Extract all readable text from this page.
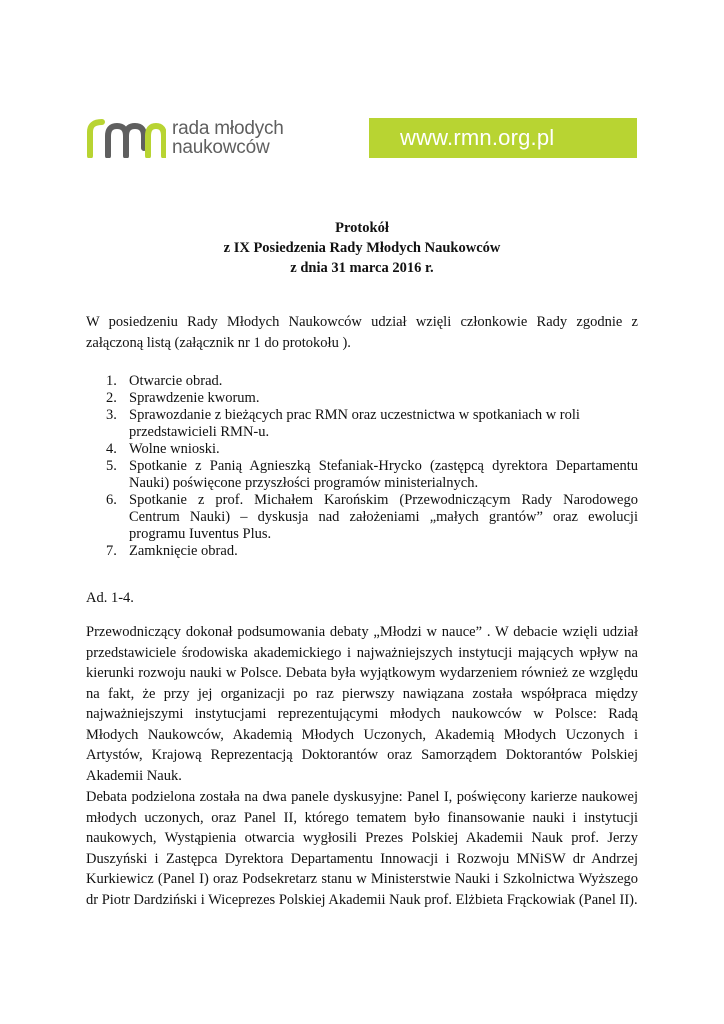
rada młodych
naukowców	www.rmn.org.pl
Protokół
z IX Posiedzenia Rady Młodych Naukowców
z dnia 31 marca 2016 r.

W posiedzeniu Rady Młodych Naukowców udział wzięli członkowie Rady zgodnie z załączoną listą (załącznik nr 1 do protokołu ).

1. Otwarcie obrad.
2. Sprawdzenie kworum.
3. Sprawozdanie z bieżących prac RMN oraz uczestnictwa w spotkaniach w roli przedstawicieli RMN-u.
4. Wolne wnioski.
5. Spotkanie z Panią Agnieszką Stefaniak-Hrycko (zastępcą dyrektora Departamentu Nauki) poświęcone przyszłości programów ministerialnych.
6. Spotkanie z prof. Michałem Karońskim (Przewodniczącym Rady Narodowego Centrum Nauki) – dyskusja nad założeniami „małych grantów” oraz ewolucji programu Iuventus Plus.
7. Zamknięcie obrad.

Ad. 1-4.

Przewodniczący dokonał podsumowania debaty „Młodzi w nauce” . W debacie wzięli udział przedstawiciele środowiska akademickiego i najważniejszych instytucji mających wpływ na kierunki rozwoju nauki w Polsce. Debata była wyjątkowym wydarzeniem również ze względu na fakt, że przy jej organizacji po raz pierwszy nawiązana została współpraca między najważniejszymi instytucjami reprezentującymi młodych naukowców w Polsce: Radą Młodych Naukowców, Akademią Młodych Uczonych, Akademią Młodych Uczonych i Artystów, Krajową Reprezentacją Doktorantów oraz Samorządem Doktorantów Polskiej Akademii Nauk.

Debata podzielona została na dwa panele dyskusyjne: Panel I, poświęcony karierze naukowej młodych uczonych, oraz Panel II, którego tematem było finansowanie nauki i instytucji naukowych, Wystąpienia otwarcia wygłosili Prezes Polskiej Akademii Nauk prof. Jerzy Duszyński i Zastępca Dyrektora Departamentu Innowacji i Rozwoju MNiSW dr Andrzej Kurkiewicz (Panel I) oraz Podsekretarz stanu w Ministerstwie Nauki i Szkolnictwa Wyższego dr Piotr Dardziński i Wiceprezes Polskiej Akademii Nauk prof. Elżbieta Frąckowiak (Panel II).
